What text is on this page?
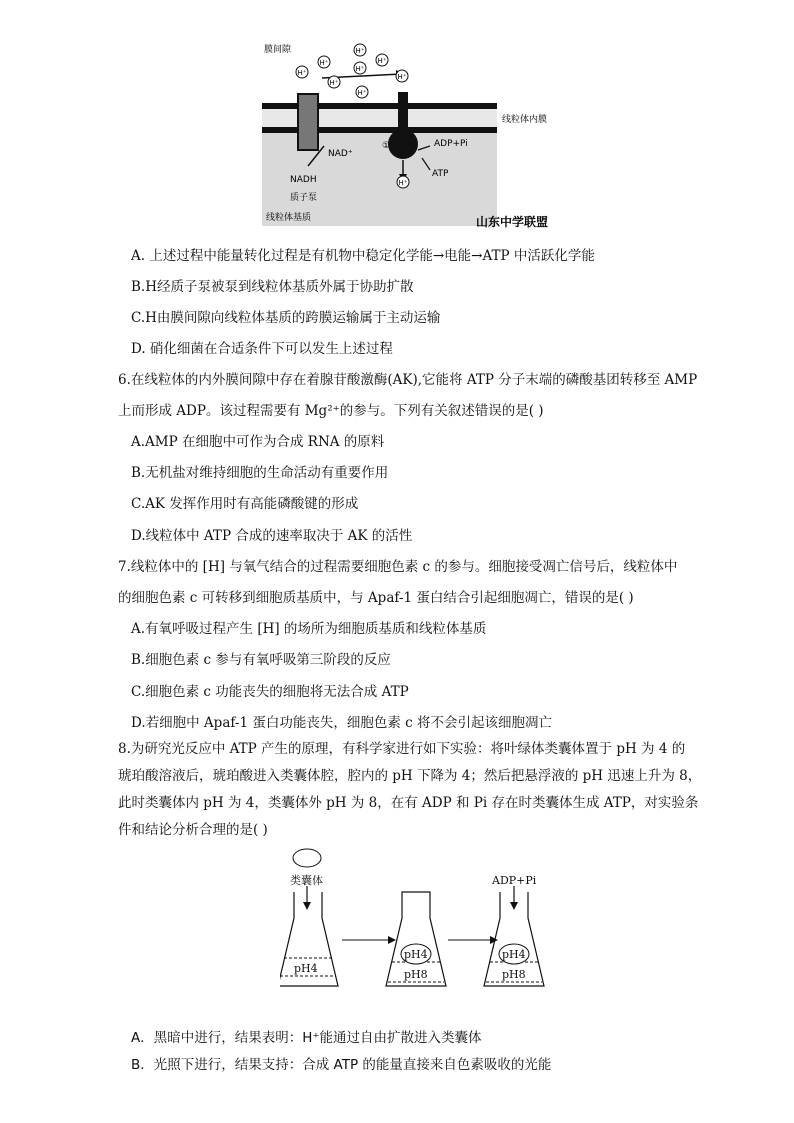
H⁺
H⁺
H⁺
H⁺
H⁺
H⁺
H⁺
H⁺
H⁺
膜间隙
线粒体内膜
NAD⁺
NADH
质子泵
ADP+Pi
ATP
①
线粒体基质	山东中学联盟
A. 上述过程中能量转化过程是有机物中稳定化学能→电能→ATP 中活跃化学能
B.H经质子泵被泵到线粒体基质外属于协助扩散
C.H由膜间隙向线粒体基质的跨膜运输属于主动运输
D. 硝化细菌在合适条件下可以发生上述过程
6.在线粒体的内外膜间隙中存在着腺苷酸激酶(AK),它能将 ATP 分子末端的磷酸基团转移至 AMP
上而形成 ADP。该过程需要有 Mg²⁺的参与。下列有关叙述错误的是( )
A.AMP 在细胞中可作为合成 RNA 的原料
B.无机盐对维持细胞的生命活动有重要作用
C.AK 发挥作用时有高能磷酸键的形成
D.线粒体中 ATP 合成的速率取决于 AK 的活性
7.线粒体中的 [H] 与氧气结合的过程需要细胞色素 c 的参与。细胞接受凋亡信号后，线粒体中
的细胞色素 c 可转移到细胞质基质中，与 Apaf-1 蛋白结合引起细胞凋亡，错误的是( )
A.有氧呼吸过程产生 [H] 的场所为细胞质基质和线粒体基质
B.细胞色素 c 参与有氧呼吸第三阶段的反应
C.细胞色素 c 功能丧失的细胞将无法合成 ATP
D.若细胞中 Apaf-1 蛋白功能丧失，细胞色素 c 将不会引起该细胞凋亡
8.为研究光反应中 ATP 产生的原理，有科学家进行如下实验：将叶绿体类囊体置于 pH 为 4 的
琥珀酸溶液后，琥珀酸进入类囊体腔，腔内的 pH 下降为 4；然后把悬浮液的 pH 迅速上升为 8，
此时类囊体内 pH 为 4，类囊体外 pH 为 8，在有 ADP 和 Pi 存在时类囊体生成 ATP，对实验条
件和结论分析合理的是( )
类囊体
pH4
pH4
pH8
ADP+Pi
pH4
pH8
A．黑暗中进行，结果表明：H⁺能通过自由扩散进入类囊体
B．光照下进行，结果支持：合成 ATP 的能量直接来自色素吸收的光能
